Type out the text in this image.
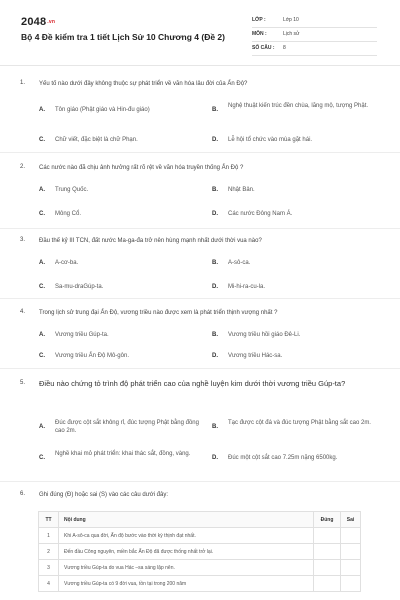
2048.vn
Bộ 4 Đề kiểm tra 1 tiết Lịch Sử 10 Chương 4 (Đề 2)
LỚP :	Lớp 10
MÔN :	Lịch sử
SỐ CÂU : 8
1. Yếu tố nào dưới đây không thuộc sự phát triển về văn hóa lâu đời của Ấn Độ?
A. Tôn giáo (Phật giáo và Hin-đu giáo)	B.
Nghệ thuật kiến trúc đền chùa, lăng mộ, tượng Phật.
C. Chữ viết, đặc biệt là chữ Phạn.	D. Lễ hội tổ chức vào mùa gặt hái.
2. Các nước nào đã chịu ảnh hưởng rất rõ rệt về văn hóa truyền thống Ấn Độ ?
A. Trung Quốc.	B. Nhật Bản.
C. Mông Cổ.	D. Các nước Đông Nam Á.
3. Đầu thế kỷ III TCN, đất nước Ma-ga-đa trở nên hùng mạnh nhất dưới thời vua nào?
A. A-cơ-ba.	B. A-sô-ca.
C. Sa-mu-draGúp-ta.	D. Mi-hi-ra-cu-la.
4. Trong lịch sử trung đại Ấn Độ, vương triều nào được xem là phát triển thịnh vượng nhất ?
A. Vương triều Gúp-ta.	B. Vương triều hồi giáo Đê-Li.
C. Vương triều Ấn Độ Mô-gôn.	D. Vương triều Hác-sa.
5. Điều nào chứng tỏ trình độ phát triển cao của nghề luyện kim dưới thời vương triều Gúp-ta?
A.
Đúc được cột sắt không rỉ, đúc tượng Phật bằng đồng cao 2m.
B.
Tạc được cột đá và đúc tượng Phật bằng sắt cao 2m.
C.
Nghề khai mỏ phát triển: khai thác sắt, đồng, vàng.
D. Đúc một cột sắt cao 7.25m nặng 6500kg.
6. Ghi đúng (Đ) hoặc sai (S) vào các câu dưới đây:
TT	Nội dung	Đúng	Sai
1	Khi A-sô-ca qua đời, Ấn độ bước vào thời kỳ thịnh đạt nhất.		
2	Đến đầu Công nguyên, miền bắc Ấn Độ đã được thống nhất trở lại.		
3	Vương triều Gúp-ta do vua Hác –sa sáng lập nên.		
4	Vương triều Gúp-ta có 9 đời vua, tồn tại trong 200 năm		
